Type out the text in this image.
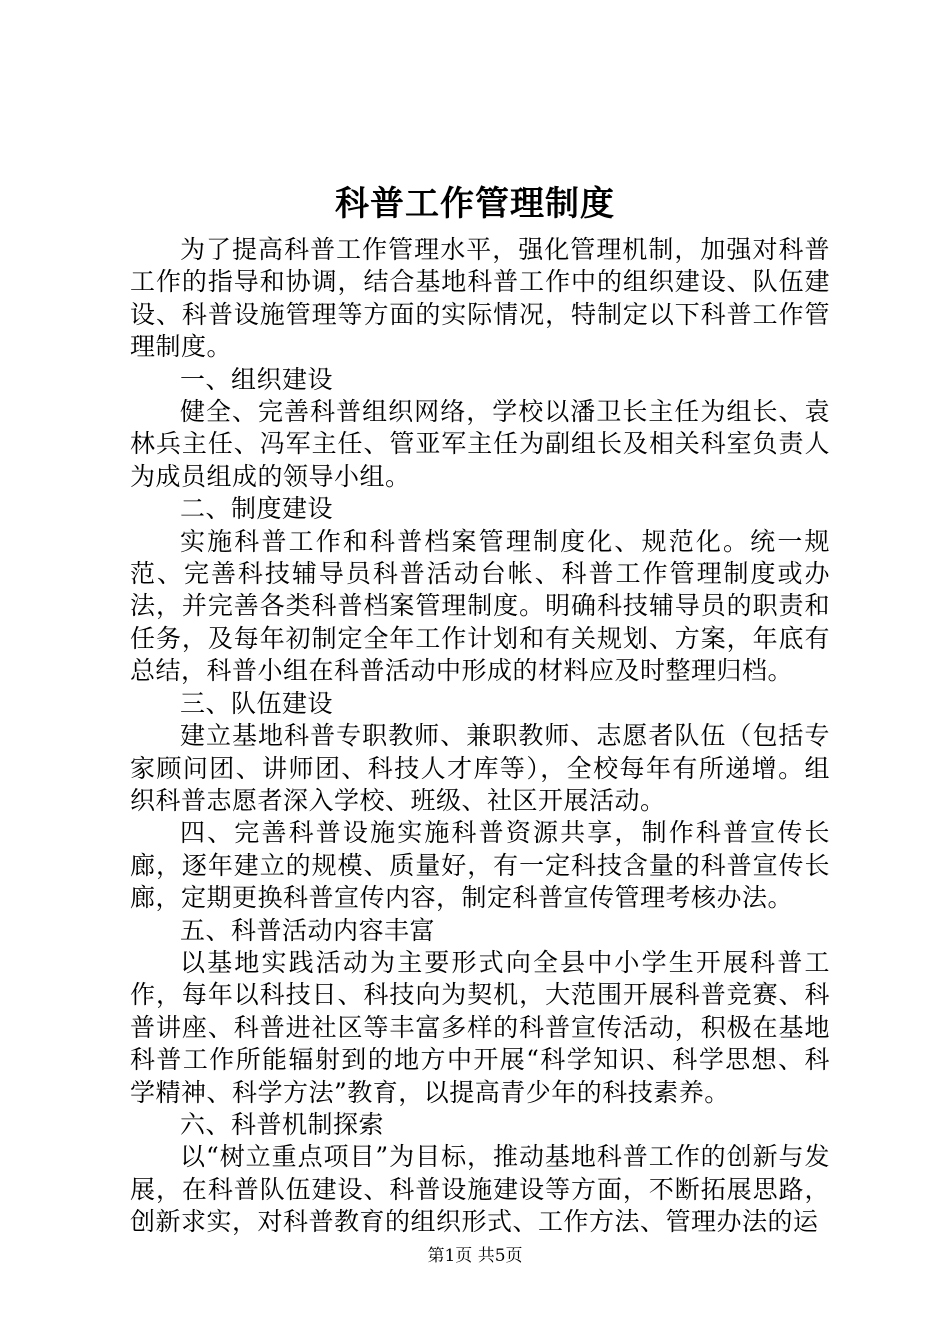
科普工作管理制度

为了提高科普工作管理水平，强化管理机制，加强对科普工作的指导和协调，结合基地科普工作中的组织建设、队伍建设、科普设施管理等方面的实际情况，特制定以下科普工作管理制度。

一、组织建设

健全、完善科普组织网络，学校以潘卫长主任为组长、袁林兵主任、冯军主任、管亚军主任为副组长及相关科室负责人为成员组成的领导小组。

二、制度建设

实施科普工作和科普档案管理制度化、规范化。统一规范、完善科技辅导员科普活动台帐、科普工作管理制度或办法，并完善各类科普档案管理制度。明确科技辅导员的职责和任务，及每年初制定全年工作计划和有关规划、方案，年底有总结，科普小组在科普活动中形成的材料应及时整理归档。

三、队伍建设

建立基地科普专职教师、兼职教师、志愿者队伍（包括专家顾问团、讲师团、科技人才库等），全校每年有所递增。组织科普志愿者深入学校、班级、社区开展活动。

四、完善科普设施实施科普资源共享，制作科普宣传长廊，逐年建立的规模、质量好，有一定科技含量的科普宣传长廊，定期更换科普宣传内容，制定科普宣传管理考核办法。

五、科普活动内容丰富

以基地实践活动为主要形式向全县中小学生开展科普工作，每年以科技日、科技向为契机，大范围开展科普竞赛、科普讲座、科普进社区等丰富多样的科普宣传活动，积极在基地科普工作所能辐射到的地方中开展“科学知识、科学思想、科学精神、科学方法”教育，以提高青少年的科技素养。

六、科普机制探索

以“树立重点项目”为目标，推动基地科普工作的创新与发展，在科普队伍建设、科普设施建设等方面，不断拓展思路，创新求实，对科普教育的组织形式、工作方法、管理办法的运

第1页 共5页
